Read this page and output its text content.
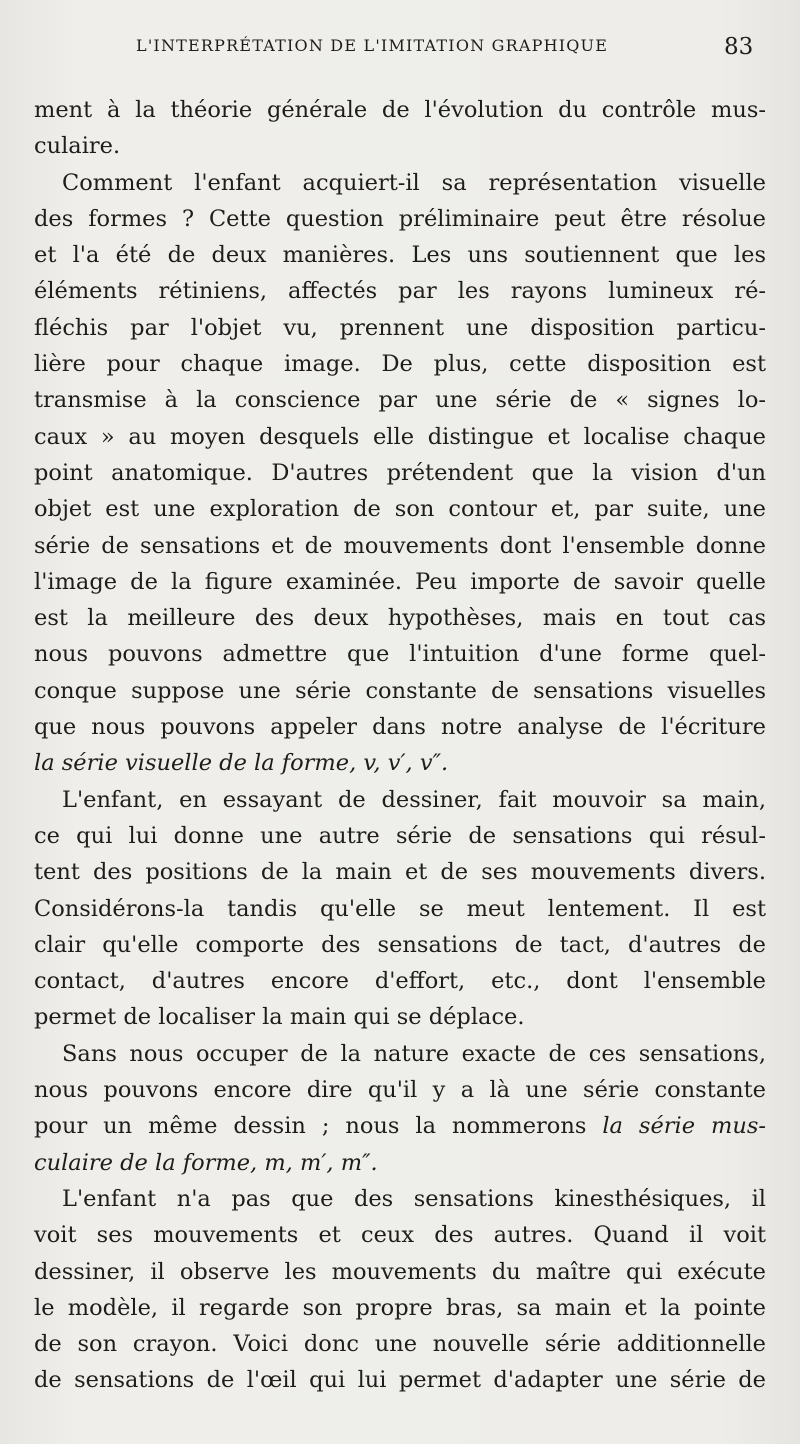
L'INTERPRÉTATION DE L'IMITATION GRAPHIQUE	83
ment à la théorie générale de l'évolution du contrôle mus-
culaire.
Comment l'enfant acquiert-il sa représentation visuelle
des formes ? Cette question préliminaire peut être résolue
et l'a été de deux manières. Les uns soutiennent que les
éléments rétiniens, affectés par les rayons lumineux ré-
fléchis par l'objet vu, prennent une disposition particu-
lière pour chaque image. De plus, cette disposition est
transmise à la conscience par une série de « signes lo-
caux » au moyen desquels elle distingue et localise chaque
point anatomique. D'autres prétendent que la vision d'un
objet est une exploration de son contour et, par suite, une
série de sensations et de mouvements dont l'ensemble donne
l'image de la figure examinée. Peu importe de savoir quelle
est la meilleure des deux hypothèses, mais en tout cas
nous pouvons admettre que l'intuition d'une forme quel-
conque suppose une série constante de sensations visuelles
que nous pouvons appeler dans notre analyse de l'écriture
la série visuelle de la forme, v, v′, v″.
L'enfant, en essayant de dessiner, fait mouvoir sa main,
ce qui lui donne une autre série de sensations qui résul-
tent des positions de la main et de ses mouvements divers.
Considérons-la tandis qu'elle se meut lentement. Il est
clair qu'elle comporte des sensations de tact, d'autres de
contact, d'autres encore d'effort, etc., dont l'ensemble
permet de localiser la main qui se déplace.
Sans nous occuper de la nature exacte de ces sensations,
nous pouvons encore dire qu'il y a là une série constante
pour un même dessin ; nous la nommerons la série mus-
culaire de la forme, m, m′, m″.
L'enfant n'a pas que des sensations kinesthésiques, il
voit ses mouvements et ceux des autres. Quand il voit
dessiner, il observe les mouvements du maître qui exécute
le modèle, il regarde son propre bras, sa main et la pointe
de son crayon. Voici donc une nouvelle série additionnelle
de sensations de l'œil qui lui permet d'adapter une série de
